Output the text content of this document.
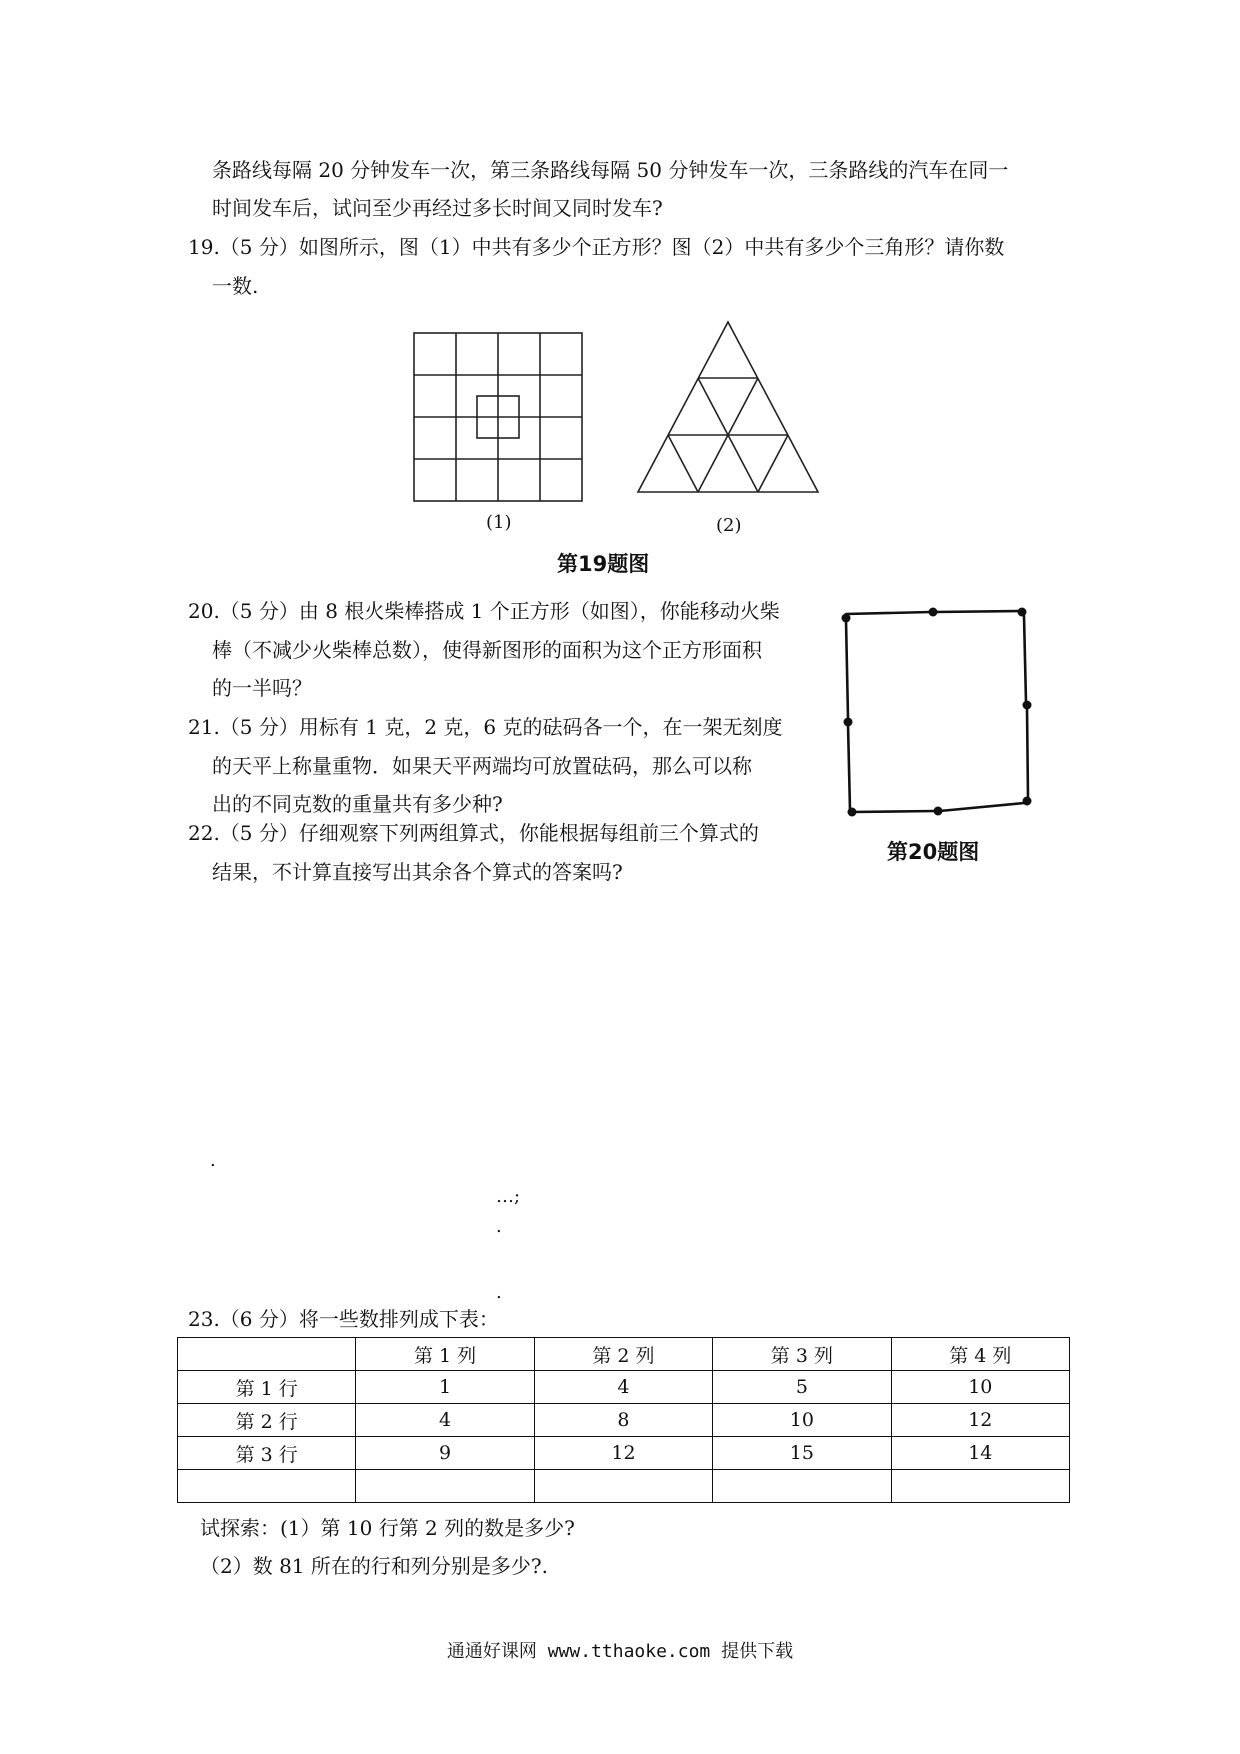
条路线每隔 20 分钟发车一次，第三条路线每隔 50 分钟发车一次，三条路线的汽车在同一
时间发车后，试问至少再经过多长时间又同时发车?
19.（5 分）如图所示，图（1）中共有多少个正方形？图（2）中共有多少个三角形？请你数
一数.
(1)	(2)
第19题图
20.（5 分）由 8 根火柴棒搭成 1 个正方形（如图），你能移动火柴
棒（不减少火柴棒总数），使得新图形的面积为这个正方形面积
的一半吗？
第20题图
21.（5 分）用标有 1 克，2 克，6 克的砝码各一个，在一架无刻度
的天平上称量重物．如果天平两端均可放置砝码，那么可以称
出的不同克数的重量共有多少种?
22.（5 分）仔细观察下列两组算式，你能根据每组前三个算式的
结果，不计算直接写出其余各个算式的答案吗?
.
…;
.
.
23.（6 分）将一些数排列成下表：
	第 1 列	第 2 列	第 3 列	第 4 列
第 1 行	1	4	5	10
第 2 行	4	8	10	12
第 3 行	9	12	15	14

试探索：(1）第 10 行第 2 列的数是多少?
（2）数 81 所在的行和列分别是多少?.
通通好课网 www.tthaoke.com 提供下载
